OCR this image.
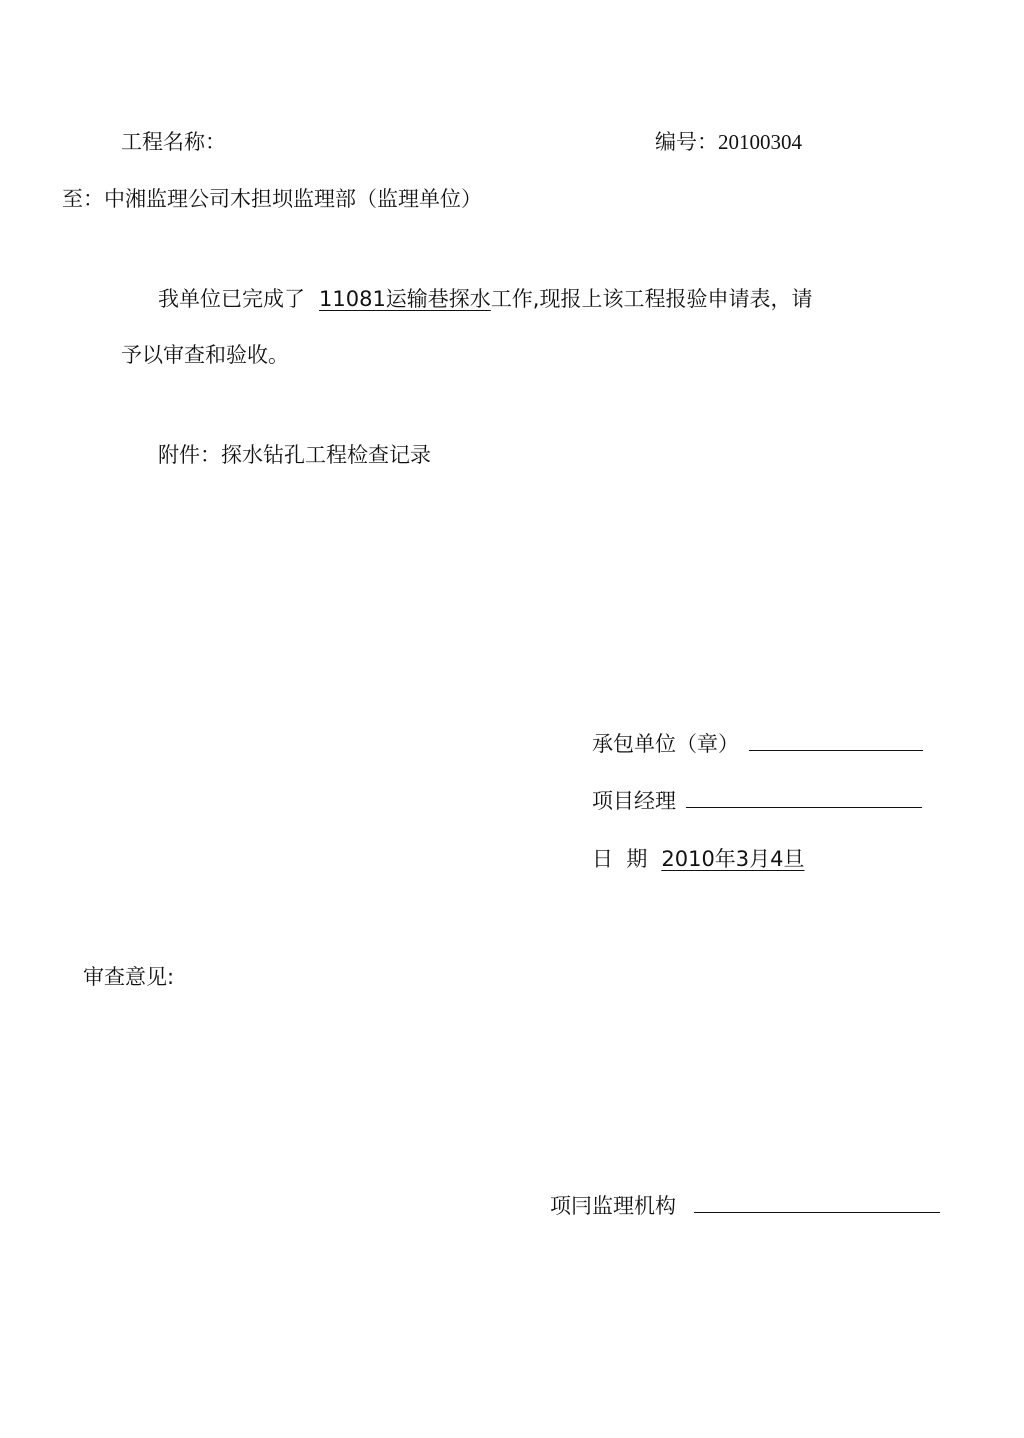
工程名称：	编号：20100304
至：中湘监理公司木担坝监理部（监理单位）
我单位已完成了 11081运输巷探水工作,现报上该工程报验申请表，请
予以审查和验收。
附件：探水钻孔工程检查记录
承包单位（章）
项目经理
日  期 2010年3月4旦
审查意见:
项冃监理机构
